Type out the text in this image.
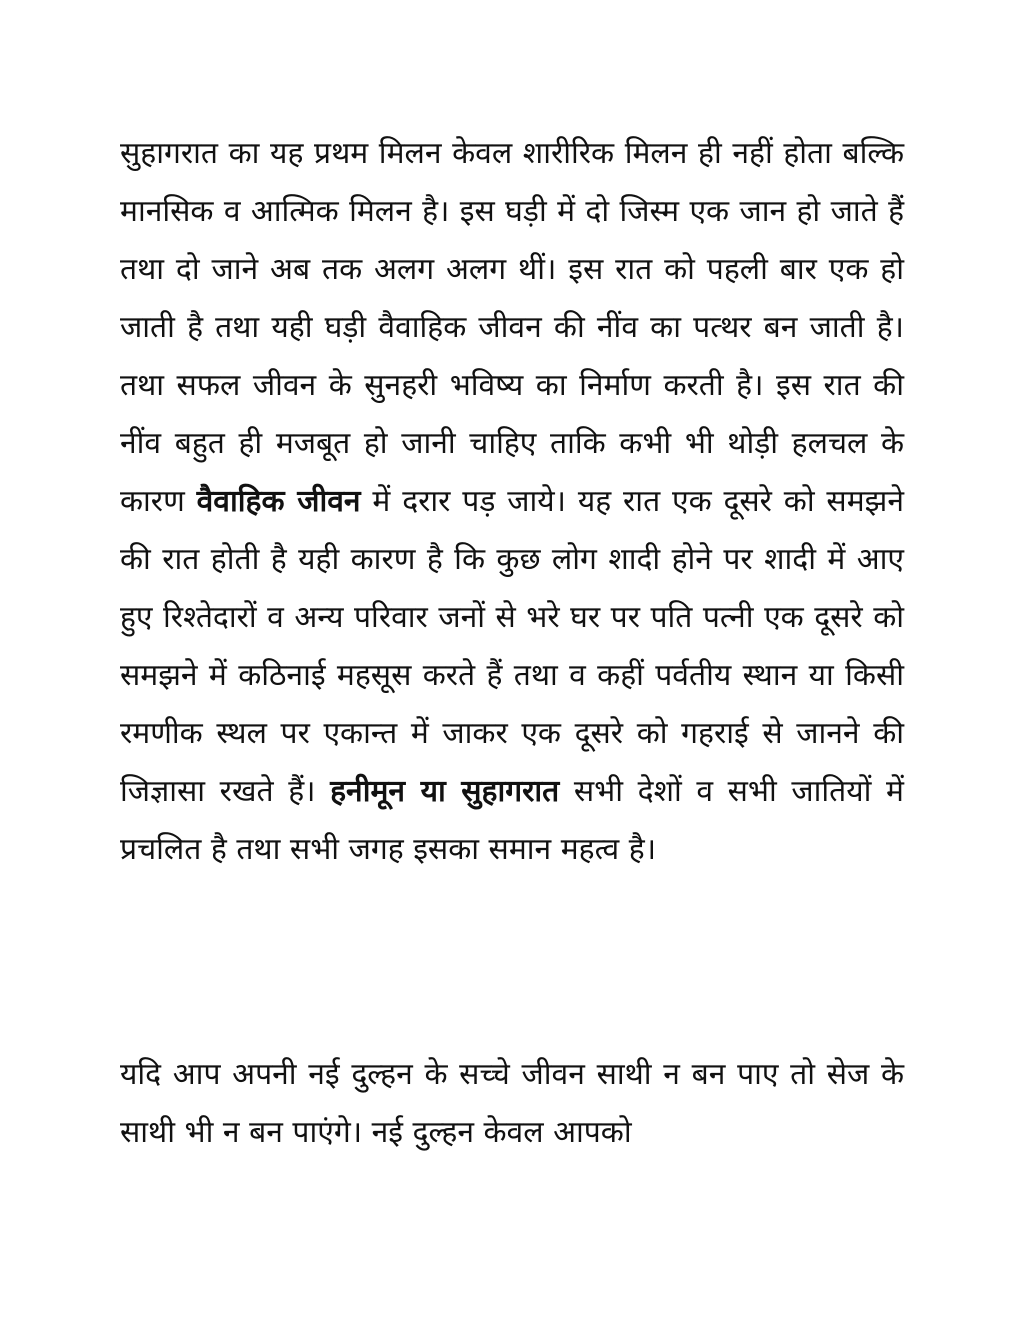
सुहागरात का यह प्रथम मिलन केवल शारीरिक मिलन ही नहीं होता बल्कि मानसिक व आत्मिक मिलन है। इस घड़ी में दो जिस्म एक जान हो जाते हैं तथा दो जाने अब तक अलग अलग थीं। इस रात को पहली बार एक हो जाती है तथा यही घड़ी वैवाहिक जीवन की नींव का पत्थर बन जाती है। तथा सफल जीवन के सुनहरी भविष्य का निर्माण करती है। इस रात की नींव बहुत ही मजबूत हो जानी चाहिए ताकि कभी भी थोड़ी हलचल के कारण वैवाहिक जीवन में दरार पड़ जाये। यह रात एक दूसरे को समझने की रात होती है यही कारण है कि कुछ लोग शादी होने पर शादी में आए हुए रिश्तेदारों व अन्य परिवार जनों से भरे घर पर पति पत्नी एक दूसरे को समझने में कठिनाई महसूस करते हैं तथा व कहीं पर्वतीय स्थान या किसी रमणीक स्थल पर एकान्त में जाकर एक दूसरे को गहराई से जानने की जिज्ञासा रखते हैं। हनीमून या सुहागरात सभी देशों व सभी जातियों में प्रचलित है तथा सभी जगह इसका समान महत्व है।

यदि आप अपनी नई दुल्हन के सच्चे जीवन साथी न बन पाए तो सेज के साथी भी न बन पाएंगे। नई दुल्हन केवल आपको
